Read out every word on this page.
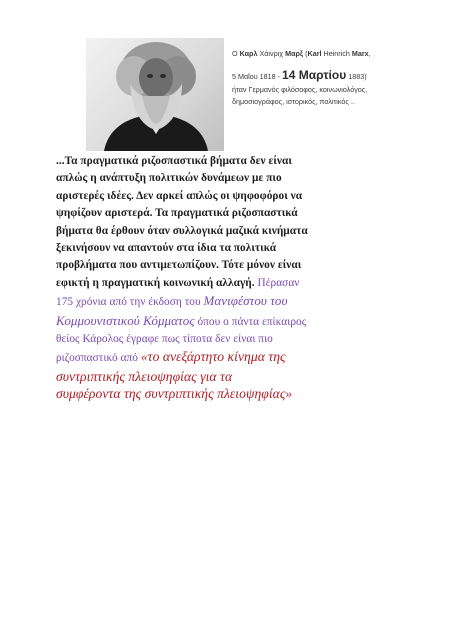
Ο Καρλ Χάινριχ Μαρξ (Karl Heinrich Marx,
5 Μαΐου 1818 - 14 Μαρτίου 1883)
ήταν Γερμανός φιλόσοφος, κοινωνιολόγος,
δημοσιογράφος, ιστορικός, πολιτικός ..
...Τα πραγματικά ριζοσπαστικά βήματα δεν είναι
απλώς η ανάπτυξη πολιτικών δυνάμεων με πιο
αριστερές ιδέες. Δεν αρκεί απλώς οι ψηφοφόροι να
ψηφίζουν αριστερά. Τα πραγματικά ριζοσπαστικά
βήματα θα έρθουν όταν συλλογικά μαζικά κινήματα
ξεκινήσουν να απαντούν στα ίδια τα πολιτικά
προβλήματα που αντιμετωπίζουν. Τότε μόνον είναι
εφικτή η πραγματική κοινωνική αλλαγή. Πέρασαν
175 χρόνια από την έκδοση του Μανιφέστου του
Κομμουνιστικού Κόμματος όπου ο πάντα επίκαιρος
θείος Κάρολος έγραφε πως τίποτα δεν είναι πιο
ριζοσπαστικό από «το ανεξάρτητο κίνημα της
συντριπτικής πλειοψηφίας για τα
συμφέροντα της συντριπτικής πλειοψηφίας»
